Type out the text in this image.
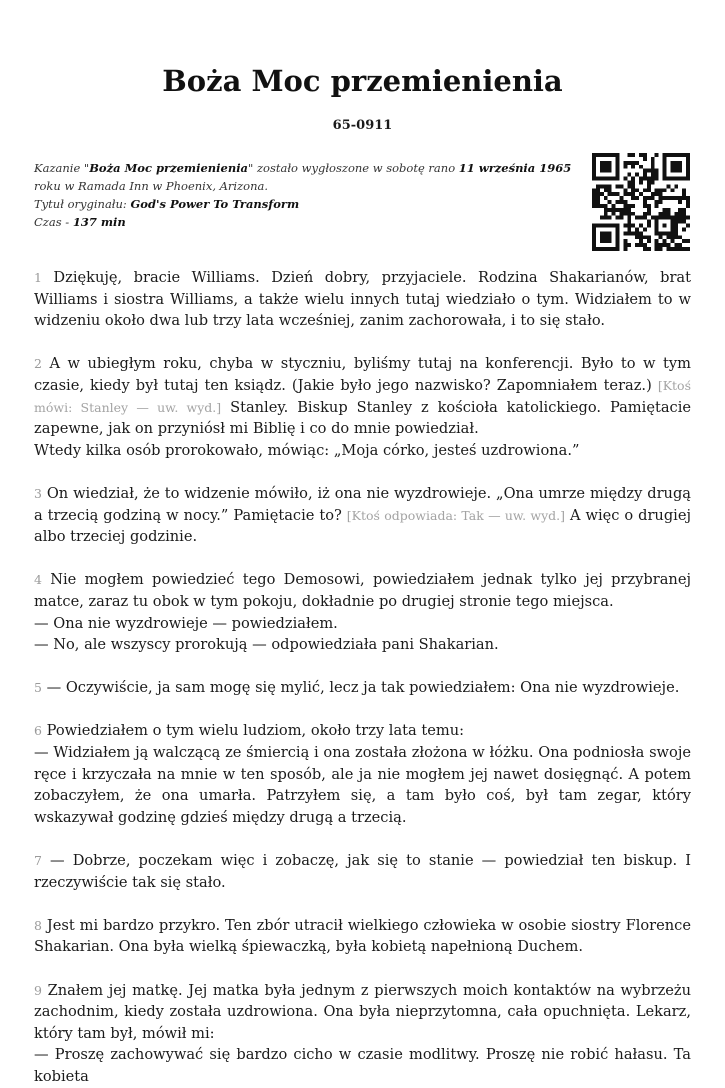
Boża Moc przemienienia
65-0911
Kazanie "Boża Moc przemienienia" zostało wygłoszone w sobotę rano 11 września 1965 roku w Ramada Inn w Phoenix, Arizona.
Tytuł oryginału: God's Power To Transform
Czas - 137 min

1 Dziękuję, bracie Williams. Dzień dobry, przyjaciele. Rodzina Shakarianów, brat Williams i siostra Williams, a także wielu innych tutaj wiedziało o tym. Widziałem to w widzeniu około dwa lub trzy lata wcześniej, zanim zachorowała, i to się stało.

2 A w ubiegłym roku, chyba w styczniu, byliśmy tutaj na konferencji. Było to w tym czasie, kiedy był tutaj ten ksiądz. (Jakie było jego nazwisko? Zapomniałem teraz.) [Ktoś mówi: Stanley — uw. wyd.] Stanley. Biskup Stanley z kościoła katolickiego. Pamiętacie zapewne, jak on przyniósł mi Biblię i co do mnie powiedział.
Wtedy kilka osób prorokowało, mówiąc: „Moja córko, jesteś uzdrowiona.”

3 On wiedział, że to widzenie mówiło, iż ona nie wyzdrowieje. „Ona umrze między drugą a trzecią godziną w nocy.” Pamiętacie to? [Ktoś odpowiada: Tak — uw. wyd.] A więc o drugiej albo trzeciej godzinie.

4 Nie mogłem powiedzieć tego Demosowi, powiedziałem jednak tylko jej przybranej matce, zaraz tu obok w tym pokoju, dokładnie po drugiej stronie tego miejsca.
— Ona nie wyzdrowieje — powiedziałem.
— No, ale wszyscy prorokują — odpowiedziała pani Shakarian.

5 — Oczywiście, ja sam mogę się mylić, lecz ja tak powiedziałem: Ona nie wyzdrowieje.

6 Powiedziałem o tym wielu ludziom, około trzy lata temu:
— Widziałem ją walczącą ze śmiercią i ona została złożona w łóżku. Ona podniosła swoje ręce i krzyczała na mnie w ten sposób, ale ja nie mogłem jej nawet dosięgnąć. A potem zobaczyłem, że ona umarła. Patrzyłem się, a tam było coś, był tam zegar, który wskazywał godzinę gdzieś między drugą a trzecią.

7 — Dobrze, poczekam więc i zobaczę, jak się to stanie — powiedział ten biskup. I rzeczywiście tak się stało.

8 Jest mi bardzo przykro. Ten zbór utracił wielkiego człowieka w osobie siostry Florence Shakarian. Ona była wielką śpiewaczką, była kobietą napełnioną Duchem.

9 Znałem jej matkę. Jej matka była jednym z pierwszych moich kontaktów na wybrzeżu zachodnim, kiedy została uzdrowiona. Ona była nieprzytomna, cała opuchnięta. Lekarz, który tam był, mówił mi:
— Proszę zachowywać się bardzo cicho w czasie modlitwy. Proszę nie robić hałasu. Ta kobieta
